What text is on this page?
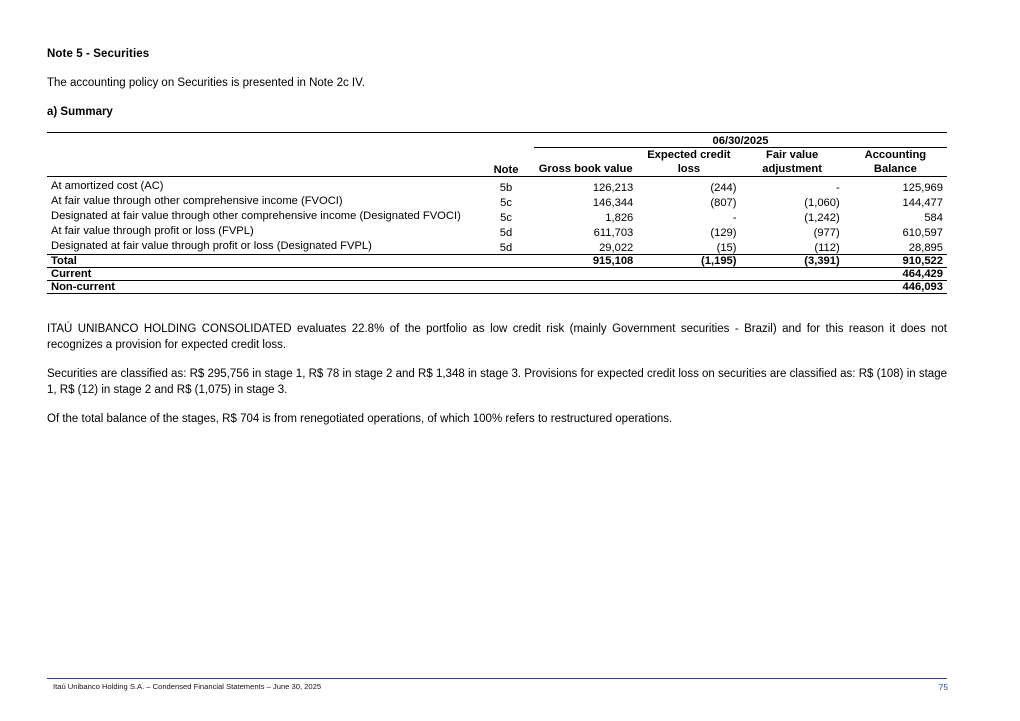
Note 5 - Securities
The accounting policy on Securities is presented in Note 2c IV.
a) Summary

		06/30/2025			
	Note	Gross book value	Expected credit loss	Fair value adjustment	Accounting Balance

At amortized cost (AC)	5b	126,213	(244)	-	125,969
At fair value through other comprehensive income (FVOCI)	5c	146,344	(807)	(1,060)	144,477
Designated at fair value through other comprehensive income (Designated FVOCI)	5c	1,826	-	(1,242)	584
At fair value through profit or loss (FVPL)	5d	611,703	(129)	(977)	610,597
Designated at fair value through profit or loss (Designated FVPL)	5d	29,022	(15)	(112)	28,895
Total		915,108	(1,195)	(3,391)	910,522
Current					464,429
Non-current					446,093

ITAÚ UNIBANCO HOLDING CONSOLIDATED evaluates 22.8% of the portfolio as low credit risk (mainly Government securities - Brazil) and for this reason it does not recognizes a provision for expected credit loss.
Securities are classified as: R$ 295,756 in stage 1, R$ 78 in stage 2 and R$ 1,348 in stage 3. Provisions for expected credit loss on securities are classified as: R$ (108) in stage 1, R$ (12) in stage 2 and R$ (1,075) in stage 3.
Of the total balance of the stages, R$ 704 is from renegotiated operations, of which 100% refers to restructured operations.
Itaú Unibanco Holding S.A. – Condensed Financial Statements – June 30, 2025	75
